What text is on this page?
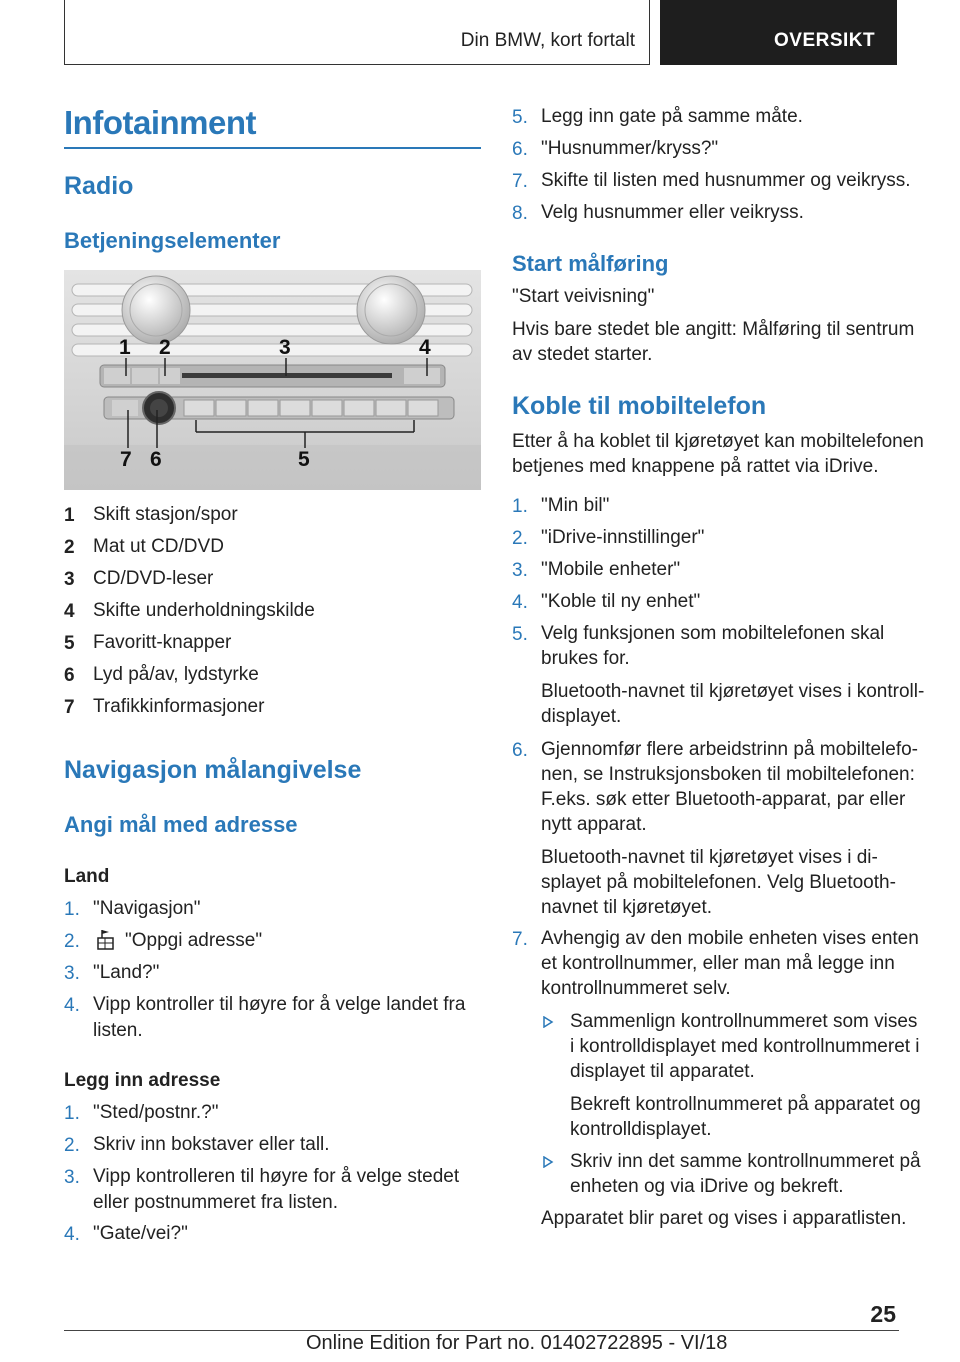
Din BMW, kort fortalt	OVERSIKT
Infotainment
Radio
Betjeningselementer
1 2	3	4
5
6
7
1 Skift stasjon/spor
2 Mat ut CD/DVD
3 CD/DVD-leser
4 Skifte underholdningskilde
5 Favoritt-knapper
6 Lyd på/av, lydstyrke
7 Trafikkinformasjoner
Navigasjon målangivelse
Angi mål med adresse
Land
1. "Navigasjon"
2. "Oppgi adresse"
3. "Land?"
4. Vipp kontroller til høyre for å velge landet fra
listen.
Legg inn adresse
1. "Sted/postnr.?"
2. Skriv inn bokstaver eller tall.
3. Vipp kontrolleren til høyre for å velge stedet
eller postnummeret fra listen.
4. "Gate/vei?"
5. Legg inn gate på samme måte.
6. "Husnummer/kryss?"
7. Skifte til listen med husnummer og veikryss.
8. Velg husnummer eller veikryss.
Start målføring
"Start veivisning"
Hvis bare stedet ble angitt: Målføring til sentrum
av stedet starter.
Koble til mobiltelefon
Etter å ha koblet til kjøretøyet kan mobiltelefonen
betjenes med knappene på rattet via iDrive.
1. "Min bil"
2. "iDrive-innstillinger"
3. "Mobile enheter"
4. "Koble til ny enhet"
5. Velg funksjonen som mobiltelefonen skal
brukes for.
Bluetooth-navnet til kjøretøyet vises i kontroll-
displayet.
6. Gjennomfør flere arbeidstrinn på mobiltelefo-
nen, se Instruksjonsboken til mobiltelefonen:
F.eks. søk etter Bluetooth-apparat, par eller
nytt apparat.
Bluetooth-navnet til kjøretøyet vises i di-
splayet på mobiltelefonen. Velg Bluetooth-
navnet til kjøretøyet.
7. Avhengig av den mobile enheten vises enten
et kontrollnummer, eller man må legge inn
kontrollnummeret selv.
Sammenlign kontrollnummeret som vises
i kontrolldisplayet med kontrollnummeret i
displayet til apparatet.
Bekreft kontrollnummeret på apparatet og
kontrolldisplayet.
Skriv inn det samme kontrollnummeret på
enheten og via iDrive og bekreft.
Apparatet blir paret og vises i apparatlisten.
25
Online Edition for Part no. 01402722895 - VI/18
